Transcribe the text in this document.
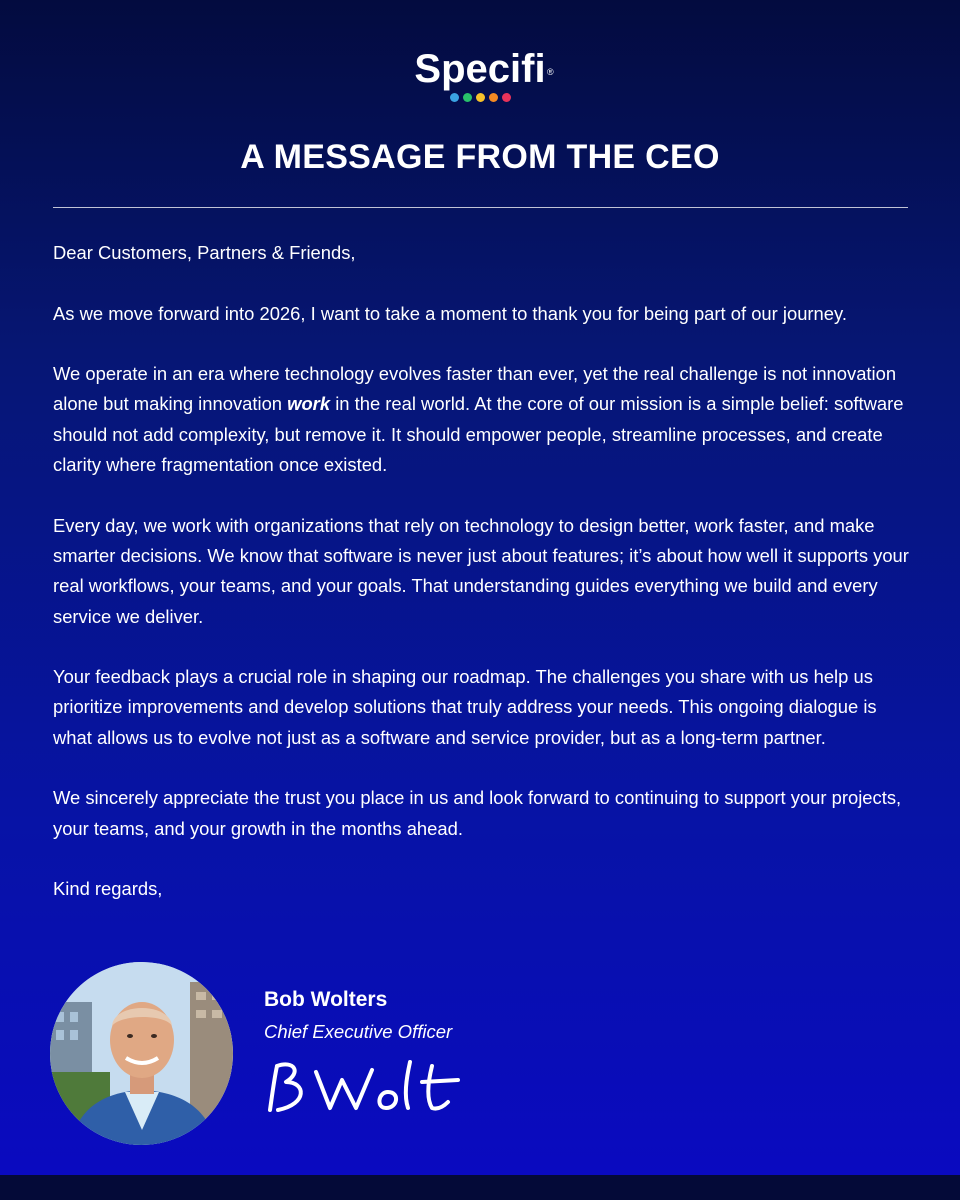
Specifi ®
A MESSAGE FROM THE CEO

Dear Customers, Partners & Friends,

As we move forward into 2026, I want to take a moment to thank you for being part of our journey.

We operate in an era where technology evolves faster than ever, yet the real challenge is not innovation alone but making innovation work in the real world. At the core of our mission is a simple belief: software should not add complexity, but remove it. It should empower people, streamline processes, and create clarity where fragmentation once existed.

Every day, we work with organizations that rely on technology to design better, work faster, and make smarter decisions. We know that software is never just about features; it’s about how well it supports your real workflows, your teams, and your goals. That understanding guides everything we build and every service we deliver.

Your feedback plays a crucial role in shaping our roadmap. The challenges you share with us help us prioritize improvements and develop solutions that truly address your needs. This ongoing dialogue is what allows us to evolve not just as a software and service provider, but as a long-term partner.

We sincerely appreciate the trust you place in us and look forward to continuing to support your projects, your teams, and your growth in the months ahead.

Kind regards,

Bob Wolters
Chief Executive Officer
